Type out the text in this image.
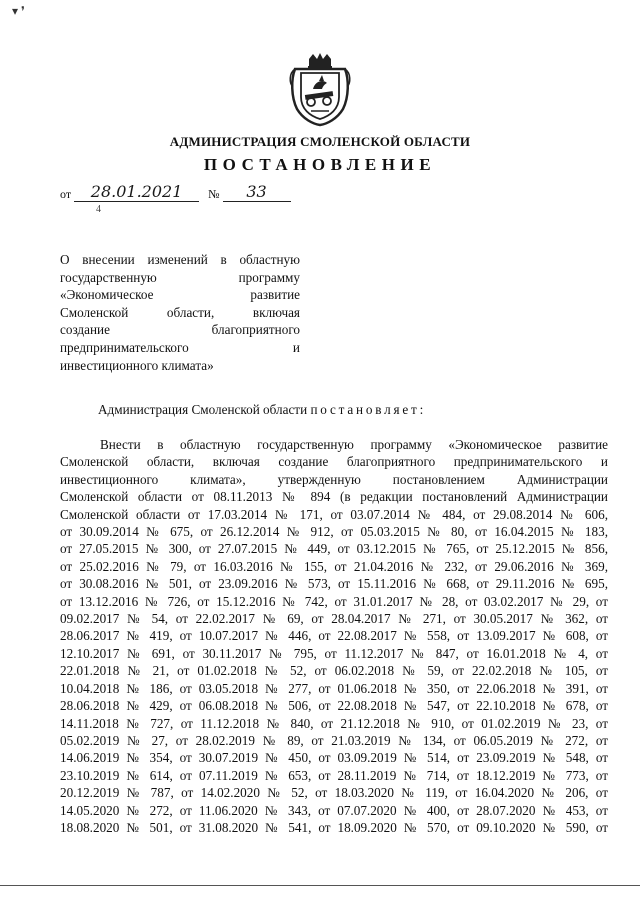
▾ ❜
АДМИНИСТРАЦИЯ СМОЛЕНСКОЙ ОБЛАСТИ
ПОСТАНОВЛЕНИЕ
от 28.01.2021 № 33
4
О внесении изменений в областную
государственную программу
«Экономическое развитие
Смоленской области, включая
создание благоприятного
предпринимательского и
инвестиционного климата»
Администрация Смоленской области постановляет:
Внести в областную государственную программу «Экономическое развитие
Смоленской области, включая создание благоприятного предпринимательского и
инвестиционного климата», утвержденную постановлением Администрации
Смоленской области от 08.11.2013 № 894 (в редакции постановлений Администрации
Смоленской области от 17.03.2014 № 171, от 03.07.2014 № 484, от 29.08.2014 № 606,
от 30.09.2014 № 675, от 26.12.2014 № 912, от 05.03.2015 № 80, от 16.04.2015 № 183,
от 27.05.2015 № 300, от 27.07.2015 № 449, от 03.12.2015 № 765, от 25.12.2015 № 856,
от 25.02.2016 № 79, от 16.03.2016 № 155, от 21.04.2016 № 232, от 29.06.2016 № 369,
от 30.08.2016 № 501, от 23.09.2016 № 573, от 15.11.2016 № 668, от 29.11.2016 № 695,
от 13.12.2016 № 726, от 15.12.2016 № 742, от 31.01.2017 № 28, от 03.02.2017 № 29, от
09.02.2017 № 54, от 22.02.2017 № 69, от 28.04.2017 № 271, от 30.05.2017 № 362, от
28.06.2017 № 419, от 10.07.2017 № 446, от 22.08.2017 № 558, от 13.09.2017 № 608, от
12.10.2017 № 691, от 30.11.2017 № 795, от 11.12.2017 № 847, от 16.01.2018 № 4, от
22.01.2018 № 21, от 01.02.2018 № 52, от 06.02.2018 № 59, от 22.02.2018 № 105, от
10.04.2018 № 186, от 03.05.2018 № 277, от 01.06.2018 № 350, от 22.06.2018 № 391, от
28.06.2018 № 429, от 06.08.2018 № 506, от 22.08.2018 № 547, от 22.10.2018 № 678, от
14.11.2018 № 727, от 11.12.2018 № 840, от 21.12.2018 № 910, от 01.02.2019 № 23, от
05.02.2019 № 27, от 28.02.2019 № 89, от 21.03.2019 № 134, от 06.05.2019 № 272, от
14.06.2019 № 354, от 30.07.2019 № 450, от 03.09.2019 № 514, от 23.09.2019 № 548, от
23.10.2019 № 614, от 07.11.2019 № 653, от 28.11.2019 № 714, от 18.12.2019 № 773, от
20.12.2019 № 787, от 14.02.2020 № 52, от 18.03.2020 № 119, от 16.04.2020 № 206, от
14.05.2020 № 272, от 11.06.2020 № 343, от 07.07.2020 № 400, от 28.07.2020 № 453, от
18.08.2020 № 501, от 31.08.2020 № 541, от 18.09.2020 № 570, от 09.10.2020 № 590, от
